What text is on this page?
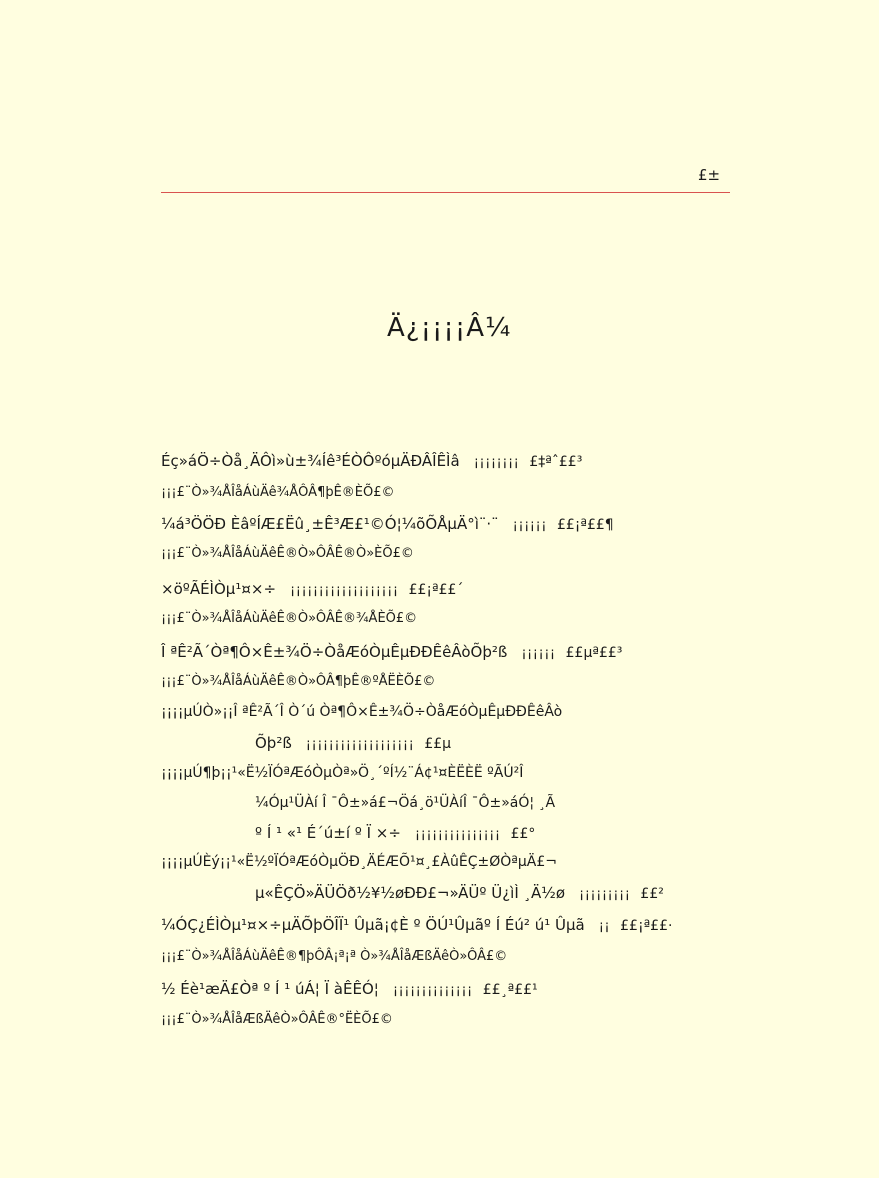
£±
Ä¿¡¡¡¡Â¼
Éç»áÖ÷Òå¸ÄÔì»ù±¾Íê³ÉÒÔºóµÄÐÂÎÊÌâ ¡¡¡¡¡¡¡¡ £‡ªˆ££³
¡¡¡£¨Ò»¾ÅÎåÁùÄê¾ÅÔÂ¶þÊ®ÈÕ£©
¼á³ÖÖÐ ÈâºÍÆ£Ëû¸±Ê³Æ£¹©Ó¦¼õÕÅµÄ°ì¨·¨ ¡¡¡¡¡¡ ££¡ª££¶
¡¡¡£¨Ò»¾ÅÎåÁùÄêÊ®Ò»ÔÂÊ®Ò»ÈÕ£©
×öºÃÉÌÒµ¹¤×÷ ¡¡¡¡¡¡¡¡¡¡¡¡¡¡¡¡¡¡¡ ££¡ª££´
¡¡¡£¨Ò»¾ÅÎåÁùÄêÊ®Ò»ÔÂÊ®¾ÅÈÕ£©
Î ªÊ²Ã´Òª¶Ô×Ê±¾Ö÷ÒåÆóÒµÊµÐÐÊêÂòÕþ²ß ¡¡¡¡¡¡ ££µª££³
¡¡¡£¨Ò»¾ÅÎåÁùÄêÊ®Ò»ÔÂ¶þÊ®ºÅËÈÕ£©
¡¡¡¡µÚÒ»¡¡Î ªÊ²Ã´Î Ò´ú Òª¶Ô×Ê±¾Ö÷ÒåÆóÒµÊµÐÐÊêÂò
Õþ²ß ¡¡¡¡¡¡¡¡¡¡¡¡¡¡¡¡¡¡¡ ££µ
¡¡¡¡µÚ¶þ¡¡¹«Ë½ÏÓªÆóÒµÒª»Ö¸´ºÍ½¨Á¢¹¤ÈËÈË ºÃÚ²Î
¼Óµ¹ÜÀí Î ¯Ô±»á£¬Öá¸ö¹ÜÀíÎ ¯Ô±»áÓ¦ ¸Ã
º Í ¹ «¹ É´ú±í º Ï ×÷ ¡¡¡¡¡¡¡¡¡¡¡¡¡¡¡ ££°
¡¡¡¡µÚÈý¡¡¹«Ë½ºÏÓªÆóÒµÖÐ¸ÄÉÆÕ¹¤¸£ÀûÊÇ±ØÒªµÄ£¬
µ«ÊÇÖ»ÄÜÖð½¥½øÐÐ£¬»ÄÜº Ü¿ìÌ ¸Ä½ø ¡¡¡¡¡¡¡¡¡ ££²
¼ÓÇ¿ÉÌÒµ¹¤×÷µÄÕþÖÎÏ¹ Ûµã¡¢È º ÖÚ¹Ûµãº Í Éú² ú¹ Ûµã ¡¡ ££¡ª££·
¡¡¡£¨Ò»¾ÅÎåÁùÄêÊ®¶þÔÂ¡ª¡ª Ò»¾ÅÎåÆßÄêÒ»ÔÂ£©
½ Éè¹æÄ£Òª º Í ¹ úÁ¦ Ï àÊÊÓ¦ ¡¡¡¡¡¡¡¡¡¡¡¡¡¡ ££¸ª££¹
¡¡¡£¨Ò»¾ÅÎåÆßÄêÒ»ÔÂÊ®°ËÈÕ£©
